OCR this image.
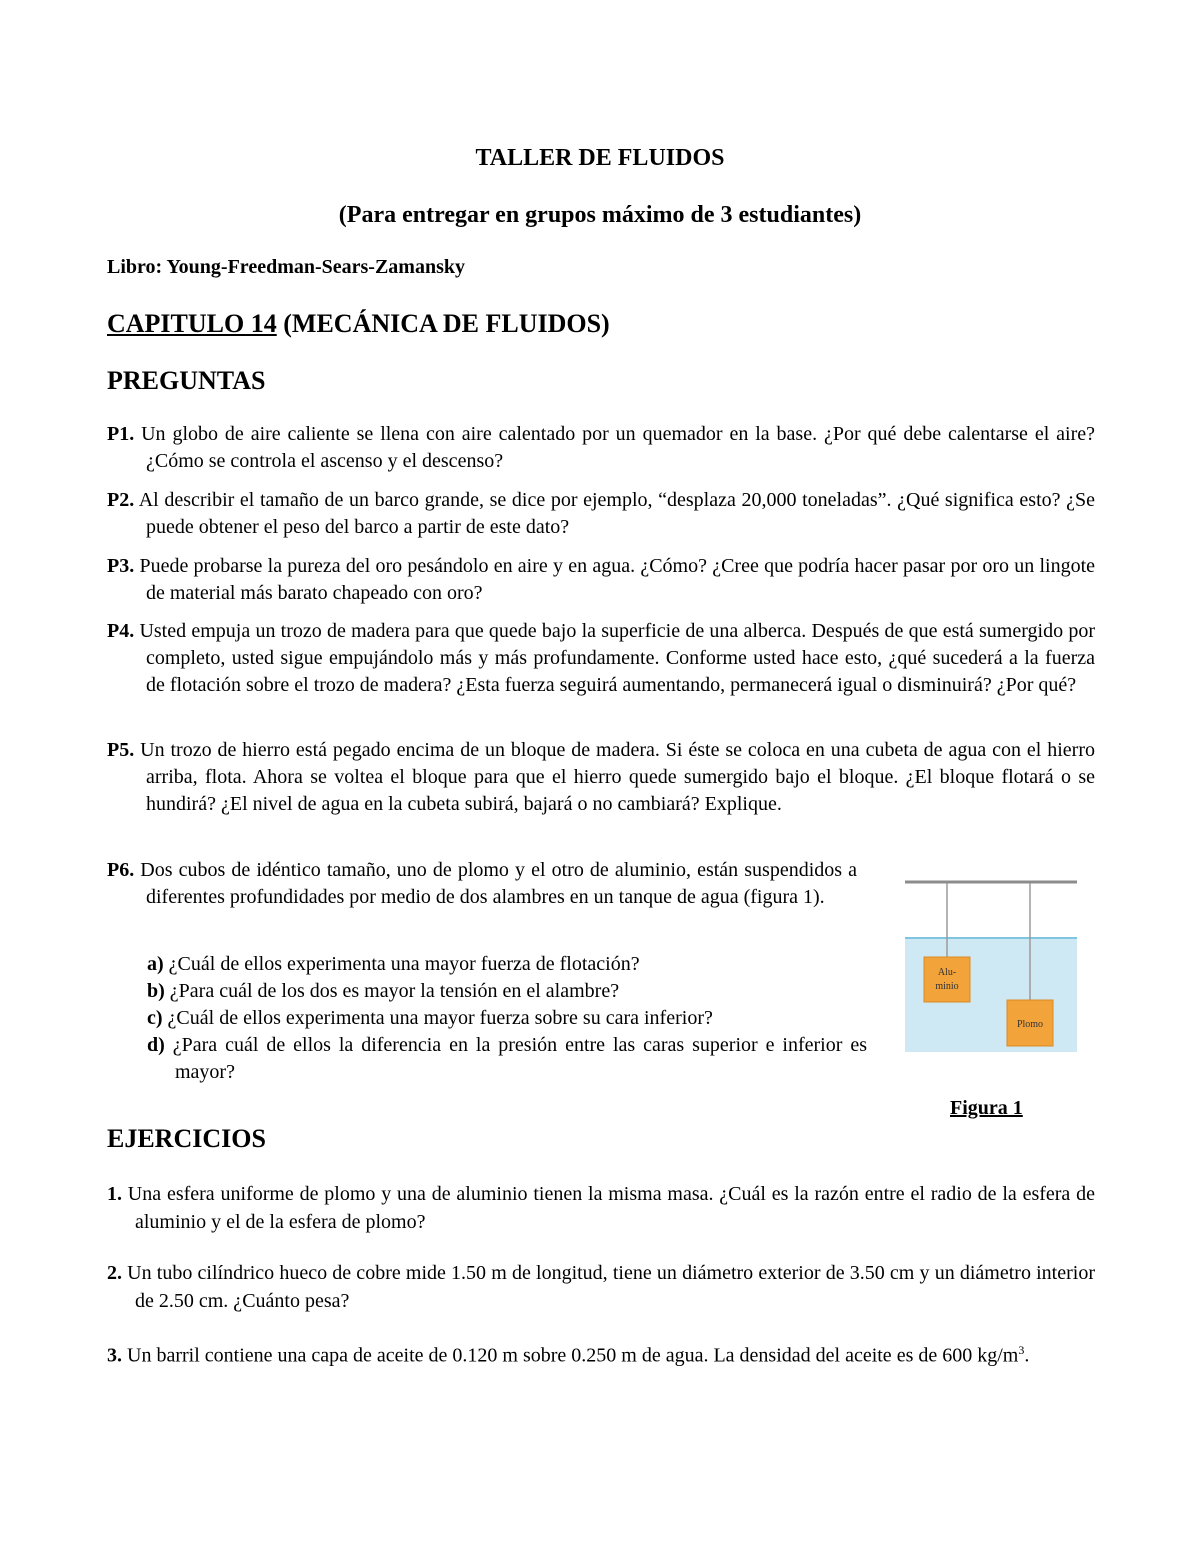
TALLER DE FLUIDOS
(Para entregar en grupos máximo de 3 estudiantes)
Libro: Young-Freedman-Sears-Zamansky
CAPITULO 14 (MECÁNICA DE FLUIDOS)
PREGUNTAS
P1. Un globo de aire caliente se llena con aire calentado por un quemador en la base. ¿Por qué debe calentarse el aire? ¿Cómo se controla el ascenso y el descenso?
P2. Al describir el tamaño de un barco grande, se dice por ejemplo, “desplaza 20,000 toneladas”. ¿Qué significa esto? ¿Se puede obtener el peso del barco a partir de este dato?
P3. Puede probarse la pureza del oro pesándolo en aire y en agua. ¿Cómo? ¿Cree que podría hacer pasar por oro un lingote de material más barato chapeado con oro?
P4. Usted empuja un trozo de madera para que quede bajo la superficie de una alberca. Después de que está sumergido por completo, usted sigue empujándolo más y más profundamente. Conforme usted hace esto, ¿qué sucederá a la fuerza de flotación sobre el trozo de madera? ¿Esta fuerza seguirá aumentando, permanecerá igual o disminuirá? ¿Por qué?
P5. Un trozo de hierro está pegado encima de un bloque de madera. Si éste se coloca en una cubeta de agua con el hierro arriba, flota. Ahora se voltea el bloque para que el hierro quede sumergido bajo el bloque. ¿El bloque flotará o se hundirá? ¿El nivel de agua en la cubeta subirá, bajará o no cambiará? Explique.
P6. Dos cubos de idéntico tamaño, uno de plomo y el otro de aluminio, están suspendidos a diferentes profundidades por medio de dos alambres en un tanque de agua (figura 1).
a) ¿Cuál de ellos experimenta una mayor fuerza de flotación?
b) ¿Para cuál de los dos es mayor la tensión en el alambre?
c) ¿Cuál de ellos experimenta una mayor fuerza sobre su cara inferior?
d) ¿Para cuál de ellos la diferencia en la presión entre las caras superior e inferior es mayor?
Alu-
minio
Plomo
Figura 1
EJERCICIOS
1. Una esfera uniforme de plomo y una de aluminio tienen la misma masa. ¿Cuál es la razón entre el radio de la esfera de aluminio y el de la esfera de plomo?
2. Un tubo cilíndrico hueco de cobre mide 1.50 m de longitud, tiene un diámetro exterior de 3.50 cm y un diámetro interior de 2.50 cm. ¿Cuánto pesa?
3. Un barril contiene una capa de aceite de 0.120 m sobre 0.250 m de agua. La densidad del aceite es de 600 $kg/m^3$.
